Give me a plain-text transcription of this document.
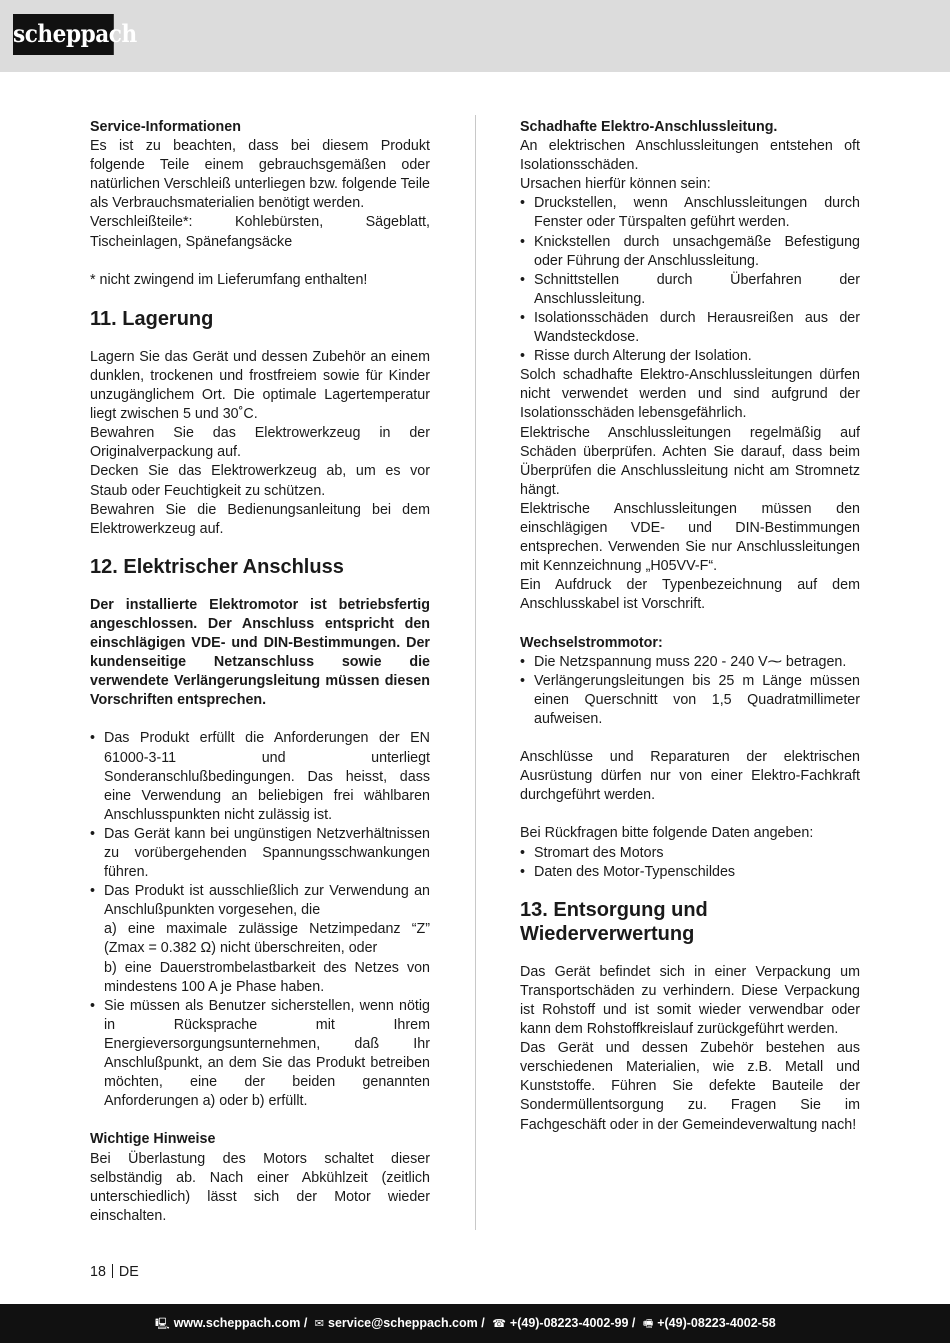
scheppach

Service-Informationen

Es ist zu beachten, dass bei diesem Produkt folgende Teile einem gebrauchsgemäßen oder natürlichen Verschleiß unterliegen bzw. folgende Teile als Verbrauchsmaterialien benötigt werden.

Verschleißteile*: Kohlebürsten, Sägeblatt, Tischeinlagen, Spänefangsäcke

* nicht zwingend im Lieferumfang enthalten!

11. Lagerung

Lagern Sie das Gerät und dessen Zubehör an einem dunklen, trockenen und frostfreiem sowie für Kinder unzugänglichem Ort. Die optimale Lagertemperatur liegt zwischen 5 und 30˚C.

Bewahren Sie das Elektrowerkzeug in der Originalverpackung auf.

Decken Sie das Elektrowerkzeug ab, um es vor Staub oder Feuchtigkeit zu schützen.

Bewahren Sie die Bedienungsanleitung bei dem Elektrowerkzeug auf.

12. Elektrischer Anschluss

Der installierte Elektromotor ist betriebsfertig angeschlossen. Der Anschluss entspricht den einschlägigen VDE- und DIN-Bestimmungen. Der kundenseitige Netzanschluss sowie die verwendete Verlängerungsleitung müssen diesen Vorschriften entsprechen.

• Das Produkt erfüllt die Anforderungen der EN 61000-3-11 und unterliegt Sonderanschlußbedingungen. Das heisst, dass eine Verwendung an beliebigen frei wählbaren Anschlusspunkten nicht zulässig ist.
• Das Gerät kann bei ungünstigen Netzverhältnissen zu vorübergehenden Spannungsschwankungen führen.

• Das Produkt ist ausschließlich zur Verwendung an Anschlußpunkten vorgesehen, die

a) eine maximale zulässige Netzimpedanz “Z” (Zmax = 0.382 Ω) nicht überschreiten, oder

b) eine Dauerstrombelastbarkeit des Netzes von mindestens 100 A je Phase haben.

• Sie müssen als Benutzer sicherstellen, wenn nötig in Rücksprache mit Ihrem Energieversorgungsunternehmen, daß Ihr Anschlußpunkt, an dem Sie das Produkt betreiben möchten, eine der beiden genannten Anforderungen a) oder b) erfüllt.

Wichtige Hinweise

Bei Überlastung des Motors schaltet dieser selbständig ab. Nach einer Abkühlzeit (zeitlich unterschiedlich) lässt sich der Motor wieder einschalten.

Schadhafte Elektro-Anschlussleitung.

An elektrischen Anschlussleitungen entstehen oft Isolationsschäden.

Ursachen hierfür können sein:

• Druckstellen, wenn Anschlussleitungen durch Fenster oder Türspalten geführt werden.
• Knickstellen durch unsachgemäße Befestigung oder Führung der Anschlussleitung.
• Schnittstellen durch Überfahren der Anschlussleitung.
• Isolationsschäden durch Herausreißen aus der Wandsteckdose.
• Risse durch Alterung der Isolation.

Solch schadhafte Elektro-Anschlussleitungen dürfen nicht verwendet werden und sind aufgrund der Isolationsschäden lebensgefährlich.

Elektrische Anschlussleitungen regelmäßig auf Schäden überprüfen. Achten Sie darauf, dass beim Überprüfen die Anschlussleitung nicht am Stromnetz hängt.

Elektrische Anschlussleitungen müssen den einschlägigen VDE- und DIN-Bestimmungen entsprechen. Verwenden Sie nur Anschlussleitungen mit Kennzeichnung „H05VV-F“.

Ein Aufdruck der Typenbezeichnung auf dem Anschlusskabel ist Vorschrift.

Wechselstrommotor:

• Die Netzspannung muss 220 - 240 V⁓ betragen.
• Verlängerungsleitungen bis 25 m Länge müssen einen Querschnitt von 1,5 Quadratmillimeter aufweisen.

Anschlüsse und Reparaturen der elektrischen Ausrüstung dürfen nur von einer Elektro-Fachkraft durchgeführt werden.

Bei Rückfragen bitte folgende Daten angeben:

• Stromart des Motors
• Daten des Motor-Typenschildes
13. Entsorgung und Wiederverwertung

Das Gerät befindet sich in einer Verpackung um Transportschäden zu verhindern. Diese Verpackung ist Rohstoff und ist somit wieder verwendbar oder kann dem Rohstoffkreislauf zurückgeführt werden.

Das Gerät und dessen Zubehör bestehen aus verschiedenen Materialien, wie z.B. Metall und Kunststoffe. Führen Sie defekte Bauteile der Sondermüllentsorgung zu. Fragen Sie im Fachgeschäft oder in der Gemeindeverwaltung nach!

18 DE
🖳 www.scheppach.com / ✉ service@scheppach.com / ☎ +(49)-08223-4002-99 / 🖷 +(49)-08223-4002-58
